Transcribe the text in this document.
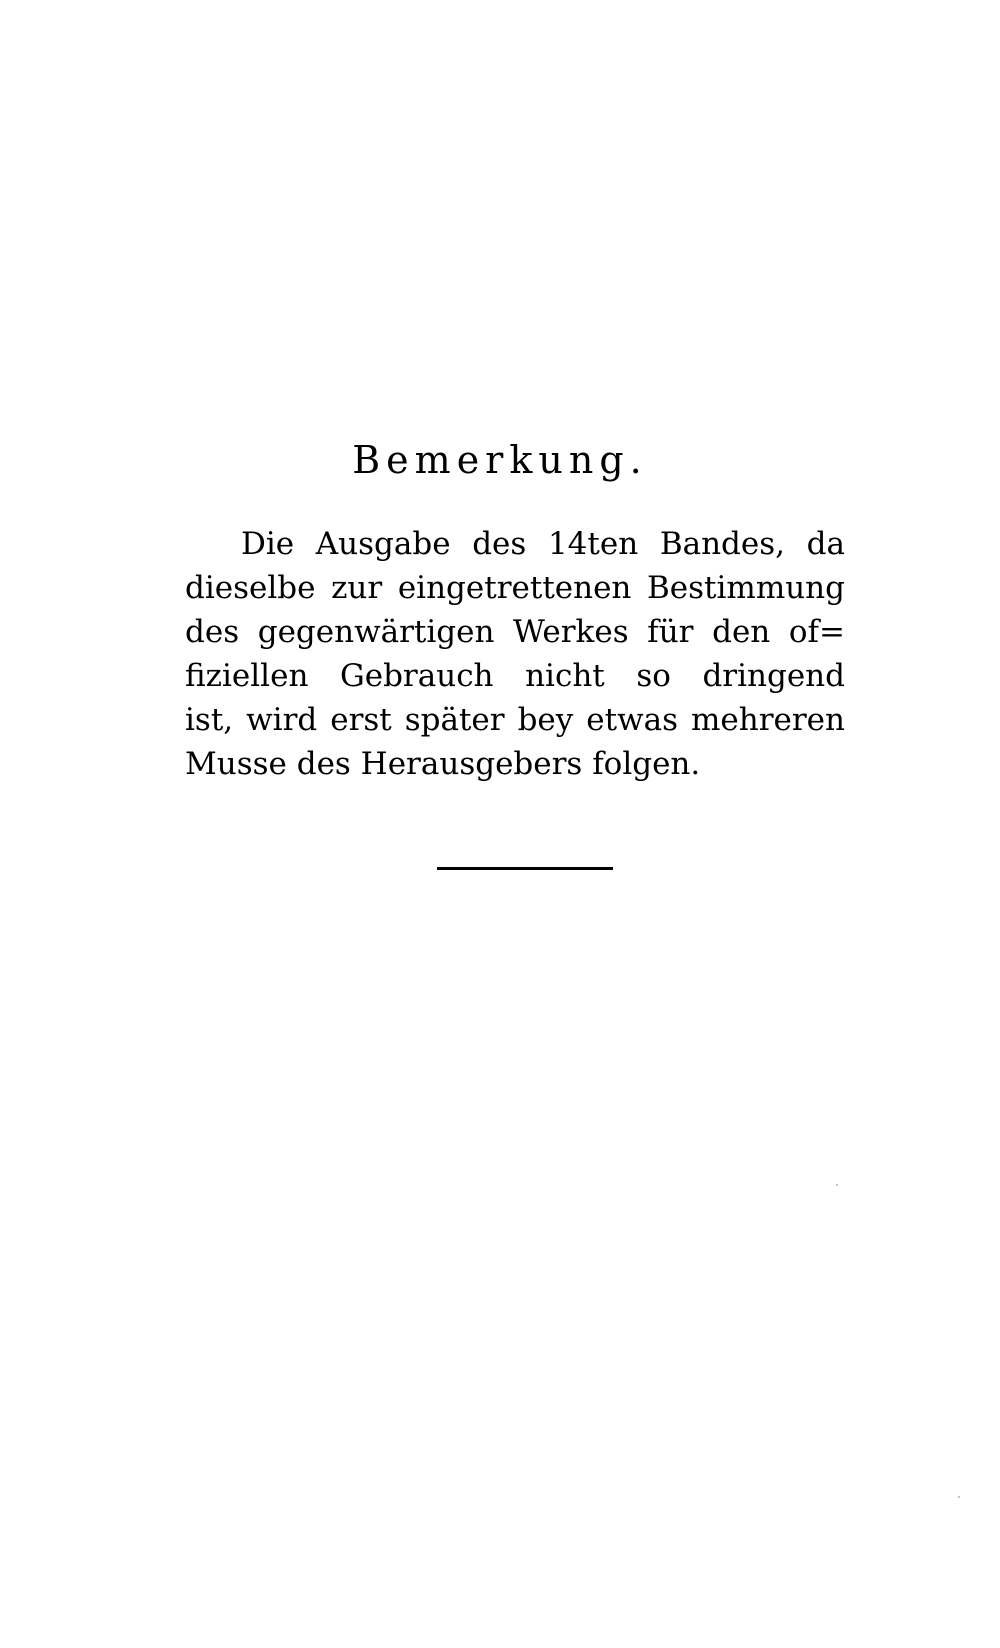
Bemerkung.
Die Ausgabe des 14ten Bandes, da
dieselbe zur eingetrettenen Bestimmung
des gegenwärtigen Werkes für den of=
fiziellen Gebrauch nicht so dringend
ist, wird erst später bey etwas mehreren
Musse des Herausgebers folgen.
